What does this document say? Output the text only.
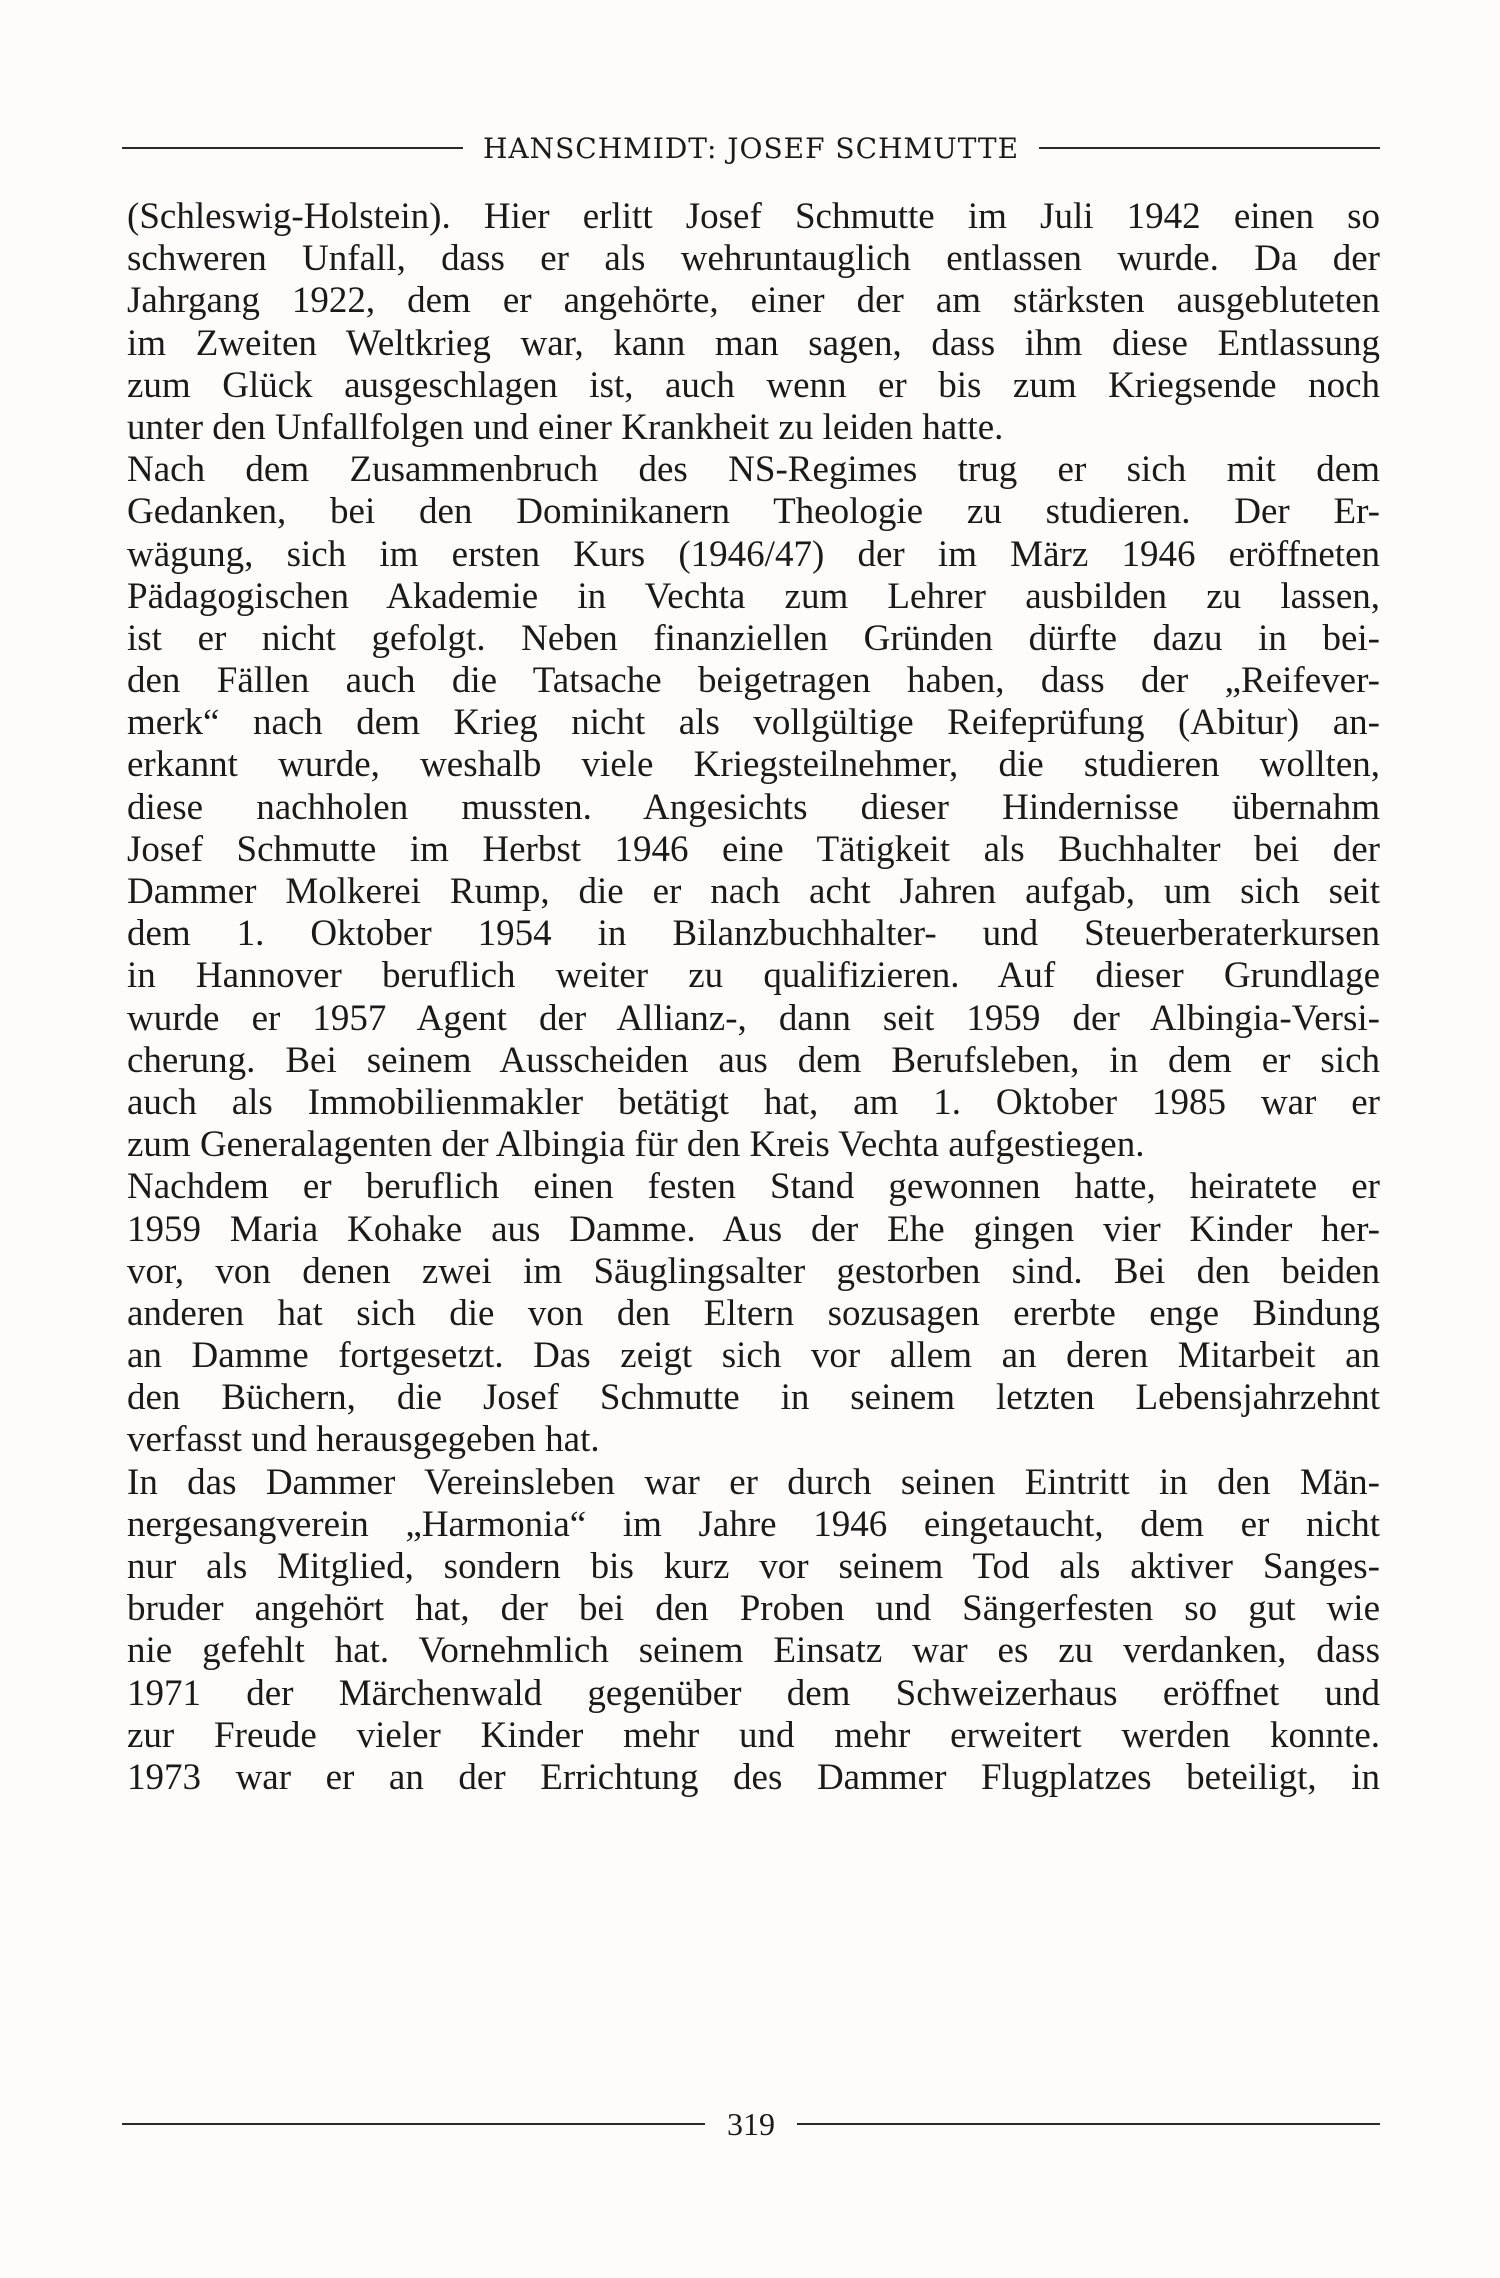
HANSCHMIDT: JOSEF SCHMUTTE
(Schleswig-Holstein). Hier erlitt Josef Schmutte im Juli 1942 einen so
schweren Unfall, dass er als wehruntauglich entlassen wurde. Da der
Jahrgang 1922, dem er angehörte, einer der am stärksten ausgebluteten
im Zweiten Weltkrieg war, kann man sagen, dass ihm diese Entlassung
zum Glück ausgeschlagen ist, auch wenn er bis zum Kriegsende noch
unter den Unfallfolgen und einer Krankheit zu leiden hatte.
Nach dem Zusammenbruch des NS-Regimes trug er sich mit dem
Gedanken, bei den Dominikanern Theologie zu studieren. Der Er-
wägung, sich im ersten Kurs (1946/47) der im März 1946 eröffneten
Pädagogischen Akademie in Vechta zum Lehrer ausbilden zu lassen,
ist er nicht gefolgt. Neben finanziellen Gründen dürfte dazu in bei-
den Fällen auch die Tatsache beigetragen haben, dass der „Reifever-
merk“ nach dem Krieg nicht als vollgültige Reifeprüfung (Abitur) an-
erkannt wurde, weshalb viele Kriegsteilnehmer, die studieren wollten,
diese nachholen mussten. Angesichts dieser Hindernisse übernahm
Josef Schmutte im Herbst 1946 eine Tätigkeit als Buchhalter bei der
Dammer Molkerei Rump, die er nach acht Jahren aufgab, um sich seit
dem 1. Oktober 1954 in Bilanzbuchhalter- und Steuerberaterkursen
in Hannover beruflich weiter zu qualifizieren. Auf dieser Grundlage
wurde er 1957 Agent der Allianz-, dann seit 1959 der Albingia-Versi-
cherung. Bei seinem Ausscheiden aus dem Berufsleben, in dem er sich
auch als Immobilienmakler betätigt hat, am 1. Oktober 1985 war er
zum Generalagenten der Albingia für den Kreis Vechta aufgestiegen.
Nachdem er beruflich einen festen Stand gewonnen hatte, heiratete er
1959 Maria Kohake aus Damme. Aus der Ehe gingen vier Kinder her-
vor, von denen zwei im Säuglingsalter gestorben sind. Bei den beiden
anderen hat sich die von den Eltern sozusagen ererbte enge Bindung
an Damme fortgesetzt. Das zeigt sich vor allem an deren Mitarbeit an
den Büchern, die Josef Schmutte in seinem letzten Lebensjahrzehnt
verfasst und herausgegeben hat.
In das Dammer Vereinsleben war er durch seinen Eintritt in den Män-
nergesangverein „Harmonia“ im Jahre 1946 eingetaucht, dem er nicht
nur als Mitglied, sondern bis kurz vor seinem Tod als aktiver Sanges-
bruder angehört hat, der bei den Proben und Sängerfesten so gut wie
nie gefehlt hat. Vornehmlich seinem Einsatz war es zu verdanken, dass
1971 der Märchenwald gegenüber dem Schweizerhaus eröffnet und
zur Freude vieler Kinder mehr und mehr erweitert werden konnte.
1973 war er an der Errichtung des Dammer Flugplatzes beteiligt, in
319
